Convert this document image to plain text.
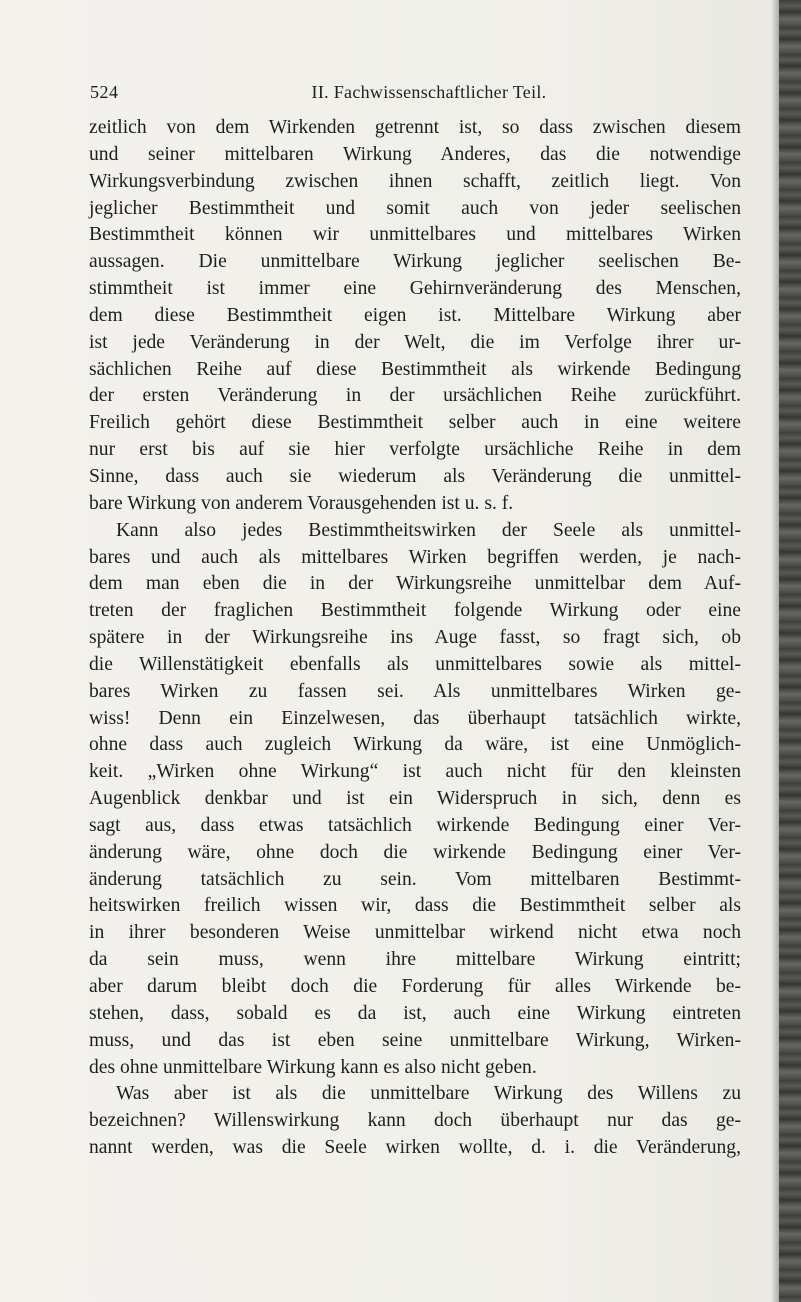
524	II. Fachwissenschaftlicher Teil.
zeitlich von dem Wirkenden getrennt ist, so dass zwischen diesem
und seiner mittelbaren Wirkung Anderes, das die notwendige
Wirkungsverbindung zwischen ihnen schafft, zeitlich liegt. Von
jeglicher Bestimmtheit und somit auch von jeder seelischen
Bestimmtheit können wir unmittelbares und mittelbares Wirken
aussagen. Die unmittelbare Wirkung jeglicher seelischen Be-
stimmtheit ist immer eine Gehirnveränderung des Menschen,
dem diese Bestimmtheit eigen ist. Mittelbare Wirkung aber
ist jede Veränderung in der Welt, die im Verfolge ihrer ur-
sächlichen Reihe auf diese Bestimmtheit als wirkende Bedingung
der ersten Veränderung in der ursächlichen Reihe zurückführt.
Freilich gehört diese Bestimmtheit selber auch in eine weitere
nur erst bis auf sie hier verfolgte ursächliche Reihe in dem
Sinne, dass auch sie wiederum als Veränderung die unmittel-
bare Wirkung von anderem Vorausgehenden ist u. s. f.
Kann also jedes Bestimmtheitswirken der Seele als unmittel-
bares und auch als mittelbares Wirken begriffen werden, je nach-
dem man eben die in der Wirkungsreihe unmittelbar dem Auf-
treten der fraglichen Bestimmtheit folgende Wirkung oder eine
spätere in der Wirkungsreihe ins Auge fasst, so fragt sich, ob
die Willenstätigkeit ebenfalls als unmittelbares sowie als mittel-
bares Wirken zu fassen sei. Als unmittelbares Wirken ge-
wiss! Denn ein Einzelwesen, das überhaupt tatsächlich wirkte,
ohne dass auch zugleich Wirkung da wäre, ist eine Unmöglich-
keit. „Wirken ohne Wirkung“ ist auch nicht für den kleinsten
Augenblick denkbar und ist ein Widerspruch in sich, denn es
sagt aus, dass etwas tatsächlich wirkende Bedingung einer Ver-
änderung wäre, ohne doch die wirkende Bedingung einer Ver-
änderung tatsächlich zu sein. Vom mittelbaren Bestimmt-
heitswirken freilich wissen wir, dass die Bestimmtheit selber als
in ihrer besonderen Weise unmittelbar wirkend nicht etwa noch
da sein muss, wenn ihre mittelbare Wirkung eintritt;
aber darum bleibt doch die Forderung für alles Wirkende be-
stehen, dass, sobald es da ist, auch eine Wirkung eintreten
muss, und das ist eben seine unmittelbare Wirkung, Wirken-
des ohne unmittelbare Wirkung kann es also nicht geben.
Was aber ist als die unmittelbare Wirkung des Willens zu
bezeichnen? Willenswirkung kann doch überhaupt nur das ge-
nannt werden, was die Seele wirken wollte, d. i. die Veränderung,
